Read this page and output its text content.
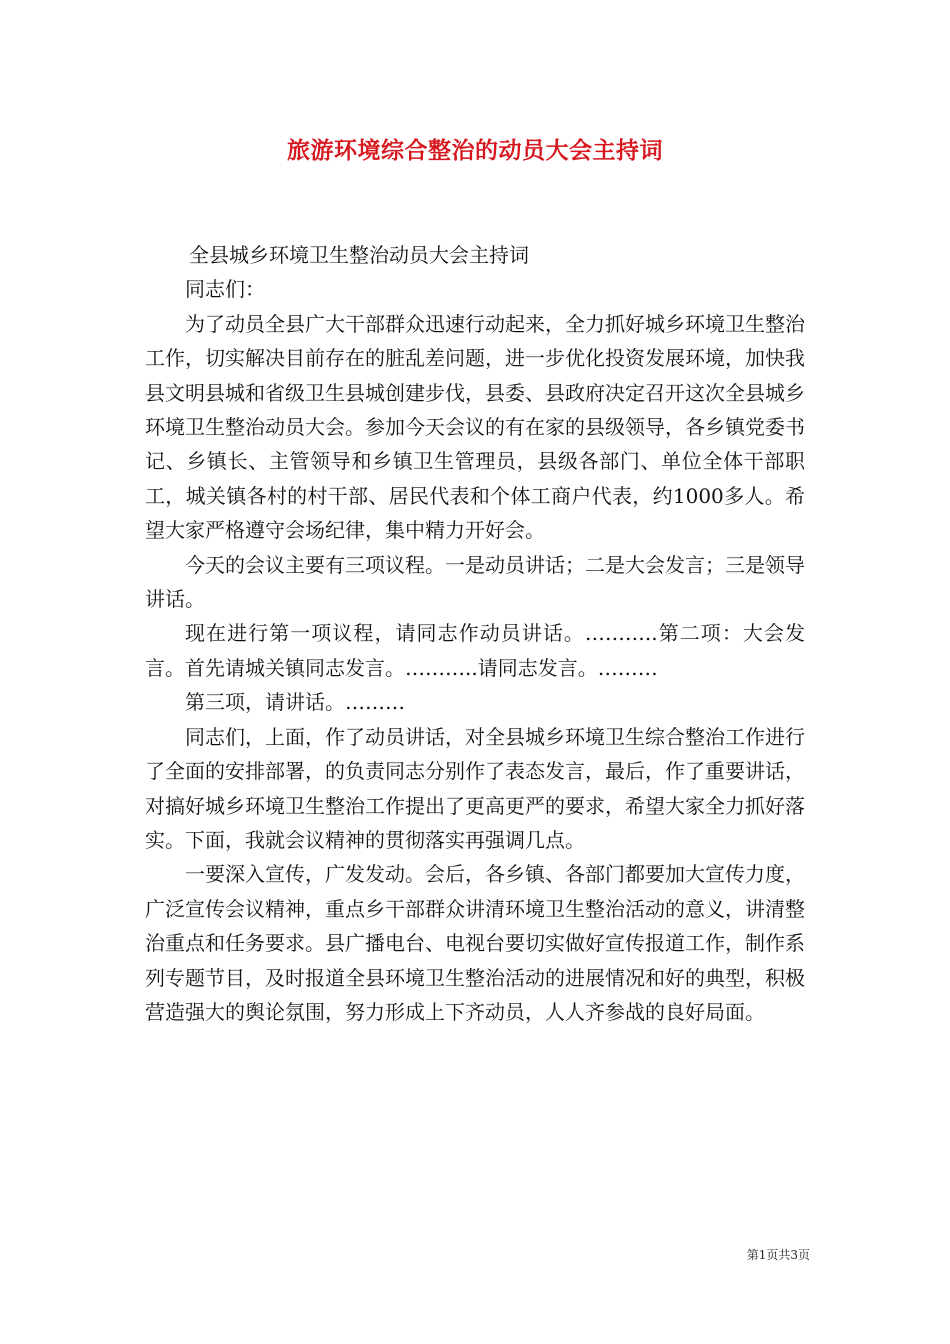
旅游环境综合整治的动员大会主持词

全县城乡环境卫生整治动员大会主持词

同志们：

为了动员全县广大干部群众迅速行动起来，全力抓好城乡环境卫生整治工作，切实解决目前存在的脏乱差问题，进一步优化投资发展环境，加快我县文明县城和省级卫生县城创建步伐，县委、县政府决定召开这次全县城乡环境卫生整治动员大会。参加今天会议的有在家的县级领导，各乡镇党委书记、乡镇长、主管领导和乡镇卫生管理员，县级各部门、单位全体干部职工，城关镇各村的村干部、居民代表和个体工商户代表，约1000多人。希望大家严格遵守会场纪律，集中精力开好会。

今天的会议主要有三项议程。一是动员讲话；二是大会发言；三是领导讲话。

现在进行第一项议程，请同志作动员讲话。………..第二项：大会发言。首先请城关镇同志发言。………..请同志发言。………

第三项，请讲话。………

同志们，上面，作了动员讲话，对全县城乡环境卫生综合整治工作进行了全面的安排部署，的负责同志分别作了表态发言，最后，作了重要讲话，对搞好城乡环境卫生整治工作提出了更高更严的要求，希望大家全力抓好落实。下面，我就会议精神的贯彻落实再强调几点。

一要深入宣传，广发发动。会后，各乡镇、各部门都要加大宣传力度，广泛宣传会议精神，重点乡干部群众讲清环境卫生整治活动的意义，讲清整治重点和任务要求。县广播电台、电视台要切实做好宣传报道工作，制作系列专题节目，及时报道全县环境卫生整治活动的进展情况和好的典型，积极营造强大的舆论氛围，努力形成上下齐动员，人人齐参战的良好局面。

第1页共3页
